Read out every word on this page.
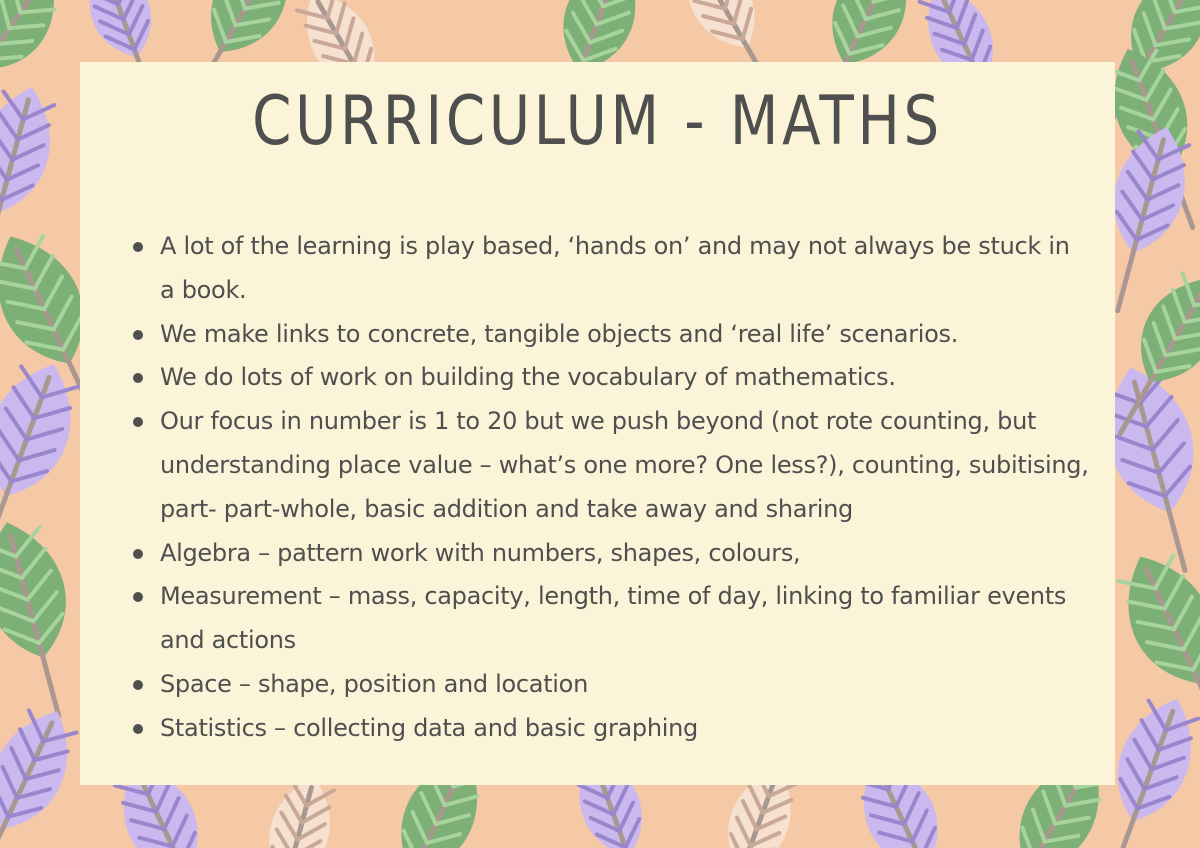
CURRICULUM - MATHS
A lot of the learning is play based, ‘hands on’ and may not always be stuck in a book.
We make links to concrete, tangible objects and ‘real life’ scenarios.
We do lots of work on building the vocabulary of mathematics.
Our focus in number is 1 to 20 but we push beyond (not rote counting, but understanding place value – what’s one more? One less?), counting, subitising, part- part-whole, basic addition and take away and sharing
Algebra – pattern work with numbers, shapes, colours,
Measurement – mass, capacity, length, time of day, linking to familiar events and actions
Space – shape, position and location
Statistics – collecting data and basic graphing
